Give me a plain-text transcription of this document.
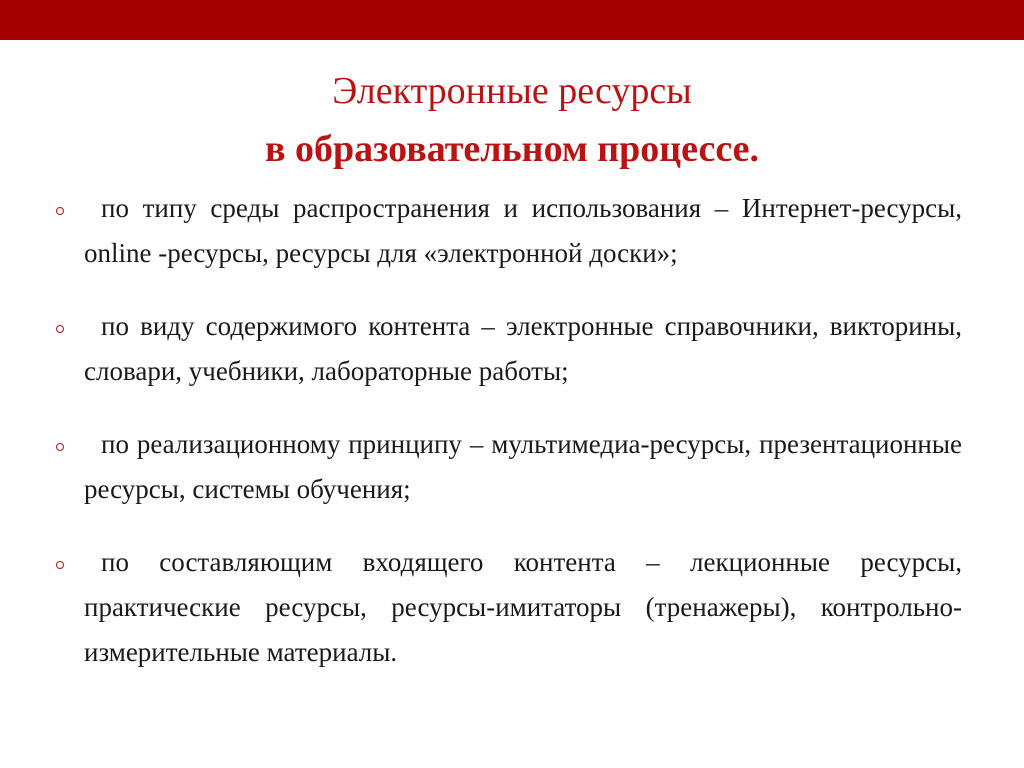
Электронные ресурсы
в образовательном процессе.

по типу среды распространения и использования – Интернет-ресурсы, online -ресурсы, ресурсы для «электронной доски»;

по виду содержимого контента – электронные справочники, викторины, словари, учебники, лабораторные работы;

по реализационному принципу – мультимедиа-ресурсы, презентационные ресурсы, системы обучения;

по составляющим входящего контента – лекционные ресурсы, практические ресурсы, ресурсы-имитаторы (тренажеры), контрольно-измерительные материалы.
